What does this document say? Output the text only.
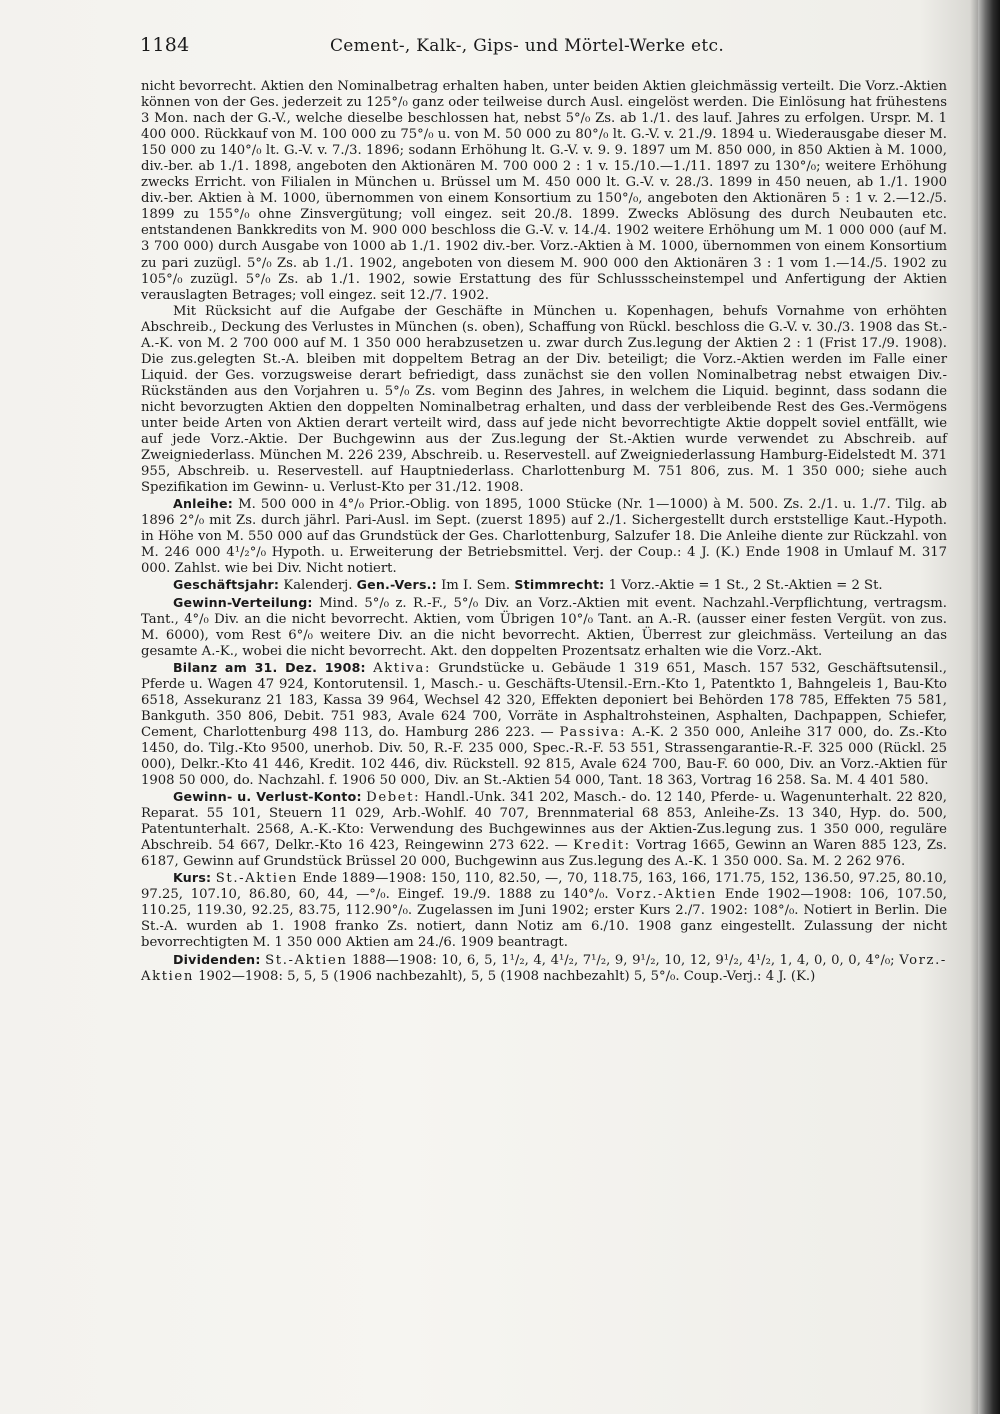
1184	Cement-, Kalk-, Gips- und Mörtel-Werke etc.

nicht bevorrecht. Aktien den Nominalbetrag erhalten haben, unter beiden Aktien gleichmässig verteilt. Die Vorz.-Aktien können von der Ges. jederzeit zu 125°/₀ ganz oder teilweise durch Ausl. eingelöst werden. Die Einlösung hat frühestens 3 Mon. nach der G.-V., welche dieselbe beschlossen hat, nebst 5°/₀ Zs. ab 1./1. des lauf. Jahres zu erfolgen. Urspr. M. 1 400 000. Rückkauf von M. 100 000 zu 75°/₀ u. von M. 50 000 zu 80°/₀ lt. G.-V. v. 21./9. 1894 u. Wiederausgabe dieser M. 150 000 zu 140°/₀ lt. G.-V. v. 7./3. 1896; sodann Erhöhung lt. G.-V. v. 9. 9. 1897 um M. 850 000, in 850 Aktien à M. 1000, div.-ber. ab 1./1. 1898, angeboten den Aktionären M. 700 000 2 : 1 v. 15./10.—1./11. 1897 zu 130°/₀; weitere Erhöhung zwecks Erricht. von Filialen in München u. Brüssel um M. 450 000 lt. G.-V. v. 28./3. 1899 in 450 neuen, ab 1./1. 1900 div.-ber. Aktien à M. 1000, übernommen von einem Konsortium zu 150°/₀, angeboten den Aktionären 5 : 1 v. 2.—12./5. 1899 zu 155°/₀ ohne Zinsvergütung; voll eingez. seit 20./8. 1899. Zwecks Ablösung des durch Neubauten etc. entstandenen Bankkredits von M. 900 000 beschloss die G.-V. v. 14./4. 1902 weitere Erhöhung um M. 1 000 000 (auf M. 3 700 000) durch Ausgabe von 1000 ab 1./1. 1902 div.-ber. Vorz.-Aktien à M. 1000, übernommen von einem Konsortium zu pari zuzügl. 5°/₀ Zs. ab 1./1. 1902, angeboten von diesem M. 900 000 den Aktionären 3 : 1 vom 1.—14./5. 1902 zu 105°/₀ zuzügl. 5°/₀ Zs. ab 1./1. 1902, sowie Erstattung des für Schlussscheinstempel und Anfertigung der Aktien verauslagten Betrages; voll eingez. seit 12./7. 1902.

Mit Rücksicht auf die Aufgabe der Geschäfte in München u. Kopenhagen, behufs Vornahme von erhöhten Abschreib., Deckung des Verlustes in München (s. oben), Schaffung von Rückl. beschloss die G.-V. v. 30./3. 1908 das St.-A.-K. von M. 2 700 000 auf M. 1 350 000 herabzusetzen u. zwar durch Zus.legung der Aktien 2 : 1 (Frist 17./9. 1908). Die zus.gelegten St.-A. bleiben mit doppeltem Betrag an der Div. beteiligt; die Vorz.-Aktien werden im Falle einer Liquid. der Ges. vorzugsweise derart befriedigt, dass zunächst sie den vollen Nominalbetrag nebst etwaigen Div.-Rückständen aus den Vorjahren u. 5°/₀ Zs. vom Beginn des Jahres, in welchem die Liquid. beginnt, dass sodann die nicht bevorzugten Aktien den doppelten Nominalbetrag erhalten, und dass der verbleibende Rest des Ges.-Vermögens unter beide Arten von Aktien derart verteilt wird, dass auf jede nicht bevorrechtigte Aktie doppelt soviel entfällt, wie auf jede Vorz.-Aktie. Der Buchgewinn aus der Zus.legung der St.-Aktien wurde verwendet zu Abschreib. auf Zweigniederlass. München M. 226 239, Abschreib. u. Reservestell. auf Zweigniederlassung Hamburg-Eidelstedt M. 371 955, Abschreib. u. Reservestell. auf Hauptniederlass. Charlottenburg M. 751 806, zus. M. 1 350 000; siehe auch Spezifikation im Gewinn- u. Verlust-Kto per 31./12. 1908.

Anleihe: M. 500 000 in 4°/₀ Prior.-Oblig. von 1895, 1000 Stücke (Nr. 1—1000) à M. 500. Zs. 2./1. u. 1./7. Tilg. ab 1896 2°/₀ mit Zs. durch jährl. Pari-Ausl. im Sept. (zuerst 1895) auf 2./1. Sichergestellt durch erststellige Kaut.-Hypoth. in Höhe von M. 550 000 auf das Grundstück der Ges. Charlottenburg, Salzufer 18. Die Anleihe diente zur Rückzahl. von M. 246 000 4¹/₂°/₀ Hypoth. u. Erweiterung der Betriebsmittel. Verj. der Coup.: 4 J. (K.) Ende 1908 in Umlauf M. 317 000. Zahlst. wie bei Div. Nicht notiert.

Geschäftsjahr: Kalenderj. Gen.-Vers.: Im I. Sem. Stimmrecht: 1 Vorz.-Aktie = 1 St., 2 St.-Aktien = 2 St.

Gewinn-Verteilung: Mind. 5°/₀ z. R.-F., 5°/₀ Div. an Vorz.-Aktien mit event. Nachzahl.-Verpflichtung, vertragsm. Tant., 4°/₀ Div. an die nicht bevorrecht. Aktien, vom Übrigen 10°/₀ Tant. an A.-R. (ausser einer festen Vergüt. von zus. M. 6000), vom Rest 6°/₀ weitere Div. an die nicht bevorrecht. Aktien, Überrest zur gleichmäss. Verteilung an das gesamte A.-K., wobei die nicht bevorrecht. Akt. den doppelten Prozentsatz erhalten wie die Vorz.-Akt.

Bilanz am 31. Dez. 1908: Aktiva: Grundstücke u. Gebäude 1 319 651, Masch. 157 532, Geschäftsutensil., Pferde u. Wagen 47 924, Kontorutensil. 1, Masch.- u. Geschäfts-Utensil.-Ern.-Kto 1, Patentkto 1, Bahngeleis 1, Bau-Kto 6518, Assekuranz 21 183, Kassa 39 964, Wechsel 42 320, Effekten deponiert bei Behörden 178 785, Effekten 75 581, Bankguth. 350 806, Debit. 751 983, Avale 624 700, Vorräte in Asphaltrohsteinen, Asphalten, Dachpappen, Schiefer, Cement, Charlottenburg 498 113, do. Hamburg 286 223. — Passiva: A.-K. 2 350 000, Anleihe 317 000, do. Zs.-Kto 1450, do. Tilg.-Kto 9500, unerhob. Div. 50, R.-F. 235 000, Spec.-R.-F. 53 551, Strassengarantie-R.-F. 325 000 (Rückl. 25 000), Delkr.-Kto 41 446, Kredit. 102 446, div. Rückstell. 92 815, Avale 624 700, Bau-F. 60 000, Div. an Vorz.-Aktien für 1908 50 000, do. Nachzahl. f. 1906 50 000, Div. an St.-Aktien 54 000, Tant. 18 363, Vortrag 16 258. Sa. M. 4 401 580.

Gewinn- u. Verlust-Konto: Debet: Handl.-Unk. 341 202, Masch.- do. 12 140, Pferde- u. Wagenunterhalt. 22 820, Reparat. 55 101, Steuern 11 029, Arb.-Wohlf. 40 707, Brennmaterial 68 853, Anleihe-Zs. 13 340, Hyp. do. 500, Patentunterhalt. 2568, A.-K.-Kto: Verwendung des Buchgewinnes aus der Aktien-Zus.legung zus. 1 350 000, reguläre Abschreib. 54 667, Delkr.-Kto 16 423, Reingewinn 273 622. — Kredit: Vortrag 1665, Gewinn an Waren 885 123, Zs. 6187, Gewinn auf Grundstück Brüssel 20 000, Buchgewinn aus Zus.legung des A.-K. 1 350 000. Sa. M. 2 262 976.

Kurs: St.-Aktien Ende 1889—1908: 150, 110, 82.50, —, 70, 118.75, 163, 166, 171.75, 152, 136.50, 97.25, 80.10, 97.25, 107.10, 86.80, 60, 44, —°/₀. Eingef. 19./9. 1888 zu 140°/₀. Vorz.-Aktien Ende 1902—1908: 106, 107.50, 110.25, 119.30, 92.25, 83.75, 112.90°/₀. Zugelassen im Juni 1902; erster Kurs 2./7. 1902: 108°/₀. Notiert in Berlin. Die St.-A. wurden ab 1. 1908 franko Zs. notiert, dann Notiz am 6./10. 1908 ganz eingestellt. Zulassung der nicht bevorrechtigten M. 1 350 000 Aktien am 24./6. 1909 beantragt.

Dividenden: St.-Aktien 1888—1908: 10, 6, 5, 1¹/₂, 4, 4¹/₂, 7¹/₂, 9, 9¹/₂, 10, 12, 9¹/₂, 4¹/₂, 1, 4, 0, 0, 0, 4°/₀; Vorz.-Aktien 1902—1908: 5, 5, 5 (1906 nachbezahlt), 5, 5 (1908 nachbezahlt) 5, 5°/₀. Coup.-Verj.: 4 J. (K.)
